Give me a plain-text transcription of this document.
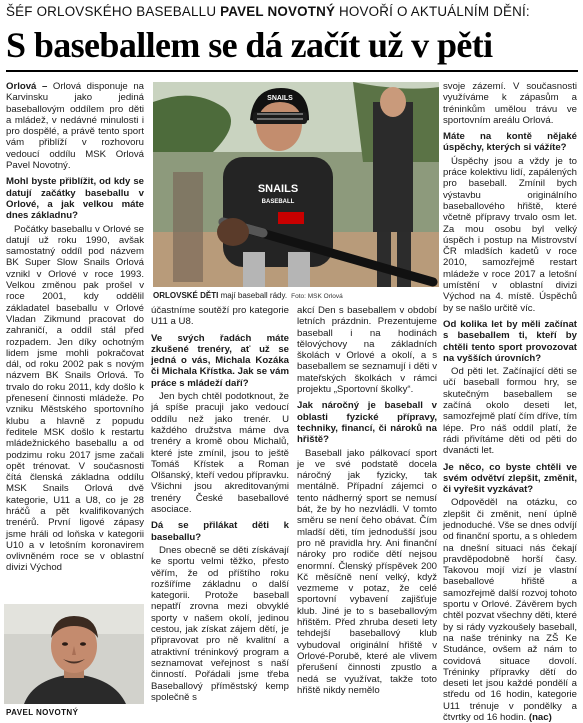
ŠÉF ORLOVSKÉHO BASEBALLU PAVEL NOVOTNÝ HOVOŘÍ O AKTUÁLNÍM DĚNÍ:
S baseballem se dá začít už v pěti

Orlová – Orlová disponuje na Karvinsku jako jediná baseballovým oddílem pro děti a mládež, v nedávné minulosti i pro dospělé, a právě tento sport vám přiblíží v rozhovoru vedoucí oddílu MSK Orlová Pavel Novotný.

Mohl byste přiblížit, od kdy se datují začátky baseballu v Orlové, a jak velkou máte dnes základnu?

Počátky baseballu v Orlové se datují už roku 1990, avšak samostatný oddíl pod názvem BK Super Slow Snails Orlová vznikl v Orlové v roce 1993. Velkou změnou pak prošel v roce 2001, kdy oddělil základatel baseballu v Orlové Vladan Zikmund pracovat do zahraničí, a oddíl stál před rozpadem. Jen díky ochotným lidem jsme mohli pokračovat dál, od roku 2002 pak s novým názvem BK Snails Orlová. To trvalo do roku 2011, kdy došlo k přenesení činnosti mládeže. Po vzniku Městského sportovního klubu a hlavně z popudu ředitele MSK došlo k restartu mládežnického baseballu a od podzimu roku 2017 jsme začali opět trénovat. V současnosti čítá členská základna oddílu MSK Snails Orlová dvě kategorie, U11 a U8, co je 28 hráčů a pět kvalifikovaných trenérů. První ligové zápasy jsme hráli od loňska v kategorii U10 a v letošním koronavirem ovlivněném roce se v oblastní divizi Východ

PAVEL NOVOTNÝ
SNAILS
BASEBALL
SNAILS
ORLOVSKÉ DĚTI mají baseball rády. Foto: MSK Orlová

účastníme soutěží pro kategorie U11 a U8.

Ve svých řadách máte zkušené trenéry, ať už se jedná o vás, Michala Kozáka či Michala Křístka. Jak se vám práce s mládeží daří?

Jen bych chtěl podotknout, že já spíše pracuji jako vedoucí oddílu než jako trenér. U každého družstva máme dva trenéry a kromě obou Michalů, které jste zmínil, jsou to ještě Tomáš Křístek a Roman Olšanský, kteří vedou přípravku. Všichni jsou akreditovanými trenéry České baseballové asociace.

Dá se přilákat děti k baseballu?

Dnes obecně se děti získávají ke sportu velmi těžko, přesto věřím, že od příštího roku rozšíříme základnu o další kategorii. Protože baseball nepatří zrovna mezi obvyklé sporty v našem okolí, jedinou cestou, jak získat zájem dětí, je připravovat pro ně kvalitní a atraktivní tréninkový program a seznamovat veřejnost s naší činností. Pořádali jsme třeba Baseballový příměstský kemp společně s

akcí Den s baseballem v období letních prázdnin. Prezentujeme baseball i na hodinách tělovýchovy na základních školách v Orlové a okolí, a s baseballem se seznamují i děti v mateřských školkách v rámci projektu „Sportovní školky“.

Jak náročný je baseball v oblasti fyzické přípravy, techniky, financí, či nároků na hřiště?

Baseball jako pálkovací sport je ve své podstatě docela náročný jak fyzicky, tak mentálně. Případní zájemci o tento nádherný sport se nemusí bát, že by ho nezvládli. V tomto směru se není čeho obávat. Čím mladší děti, tím jednodušší jsou pro ně pravidla hry. Ani finanční nároky pro rodiče dětí nejsou enormní. Členský příspěvek 200 Kč měsíčně není velký, když vezmeme v potaz, že celé sportovní vybavení zajišťuje klub. Jiné je to s baseballovým hřištěm. Před zhruba deseti lety tehdejší baseballový klub vybudoval originální hřiště v Orlové-Porubě, které ale vlivem přerušení činnosti zpustlo a nedá se využívat, takže toto hřiště nikdy nemělo

svoje zázemí. V současnosti využíváme k zápasům a tréninkům umělou trávu ve sportovním areálu Orlová.

Máte na kontě nějaké úspěchy, kterých si vážíte?

Úspěchy jsou a vždy je to práce kolektivu lidí, zapálených pro baseball. Zmínil bych výstavbu originálního baseballového hřiště, které včetně přípravy trvalo osm let. Za mou osobu byl velký úspěch i postup na Mistrovství ČR mladších kadetů v roce 2010, samozřejmě restart mládeže v roce 2017 a letošní umístění v oblastní divizi Východ na 4. místě. Úspěchů by se našlo určitě víc.

Od kolika let by měli začínat s baseballem ti, kteří by chtěli tento sport provozovat na vyšších úrovních?

Od pěti let. Začínající děti se učí baseball formou hry, se skutečným baseballem se začíná okolo deseti let, samozřejmě platí čím dříve, tím lépe. Pro náš oddíl platí, že rádi přivítáme děti od pěti do dvanácti let.

Je něco, co byste chtěli ve svém odvětví zlepšit, změnit, či vyřešit vyzkávat?

Odpověděl na otázku, co zlepšit či změnit, není úplně jednoduché. Vše se dnes odvíjí od finanční sportu, a s ohledem na dnešní situaci nás čekají pravděpodobně horší časy. Takovou mojí vizí je vlastní baseballové hřiště a samozřejmě další rozvoj tohoto sportu v Orlové. Závěrem bych chtěl pozvat všechny děti, které by si rády vyzkoušely baseball, na naše tréninky na ZŠ Ke Studánce, ovšem až nám to covidová situace dovolí. Tréninky přípravky dětí do deseti let jsou každé pondělí a středu od 16 hodin, kategorie U11 trénuje v pondělky a čtvrtky od 16 hodin. (nac)
